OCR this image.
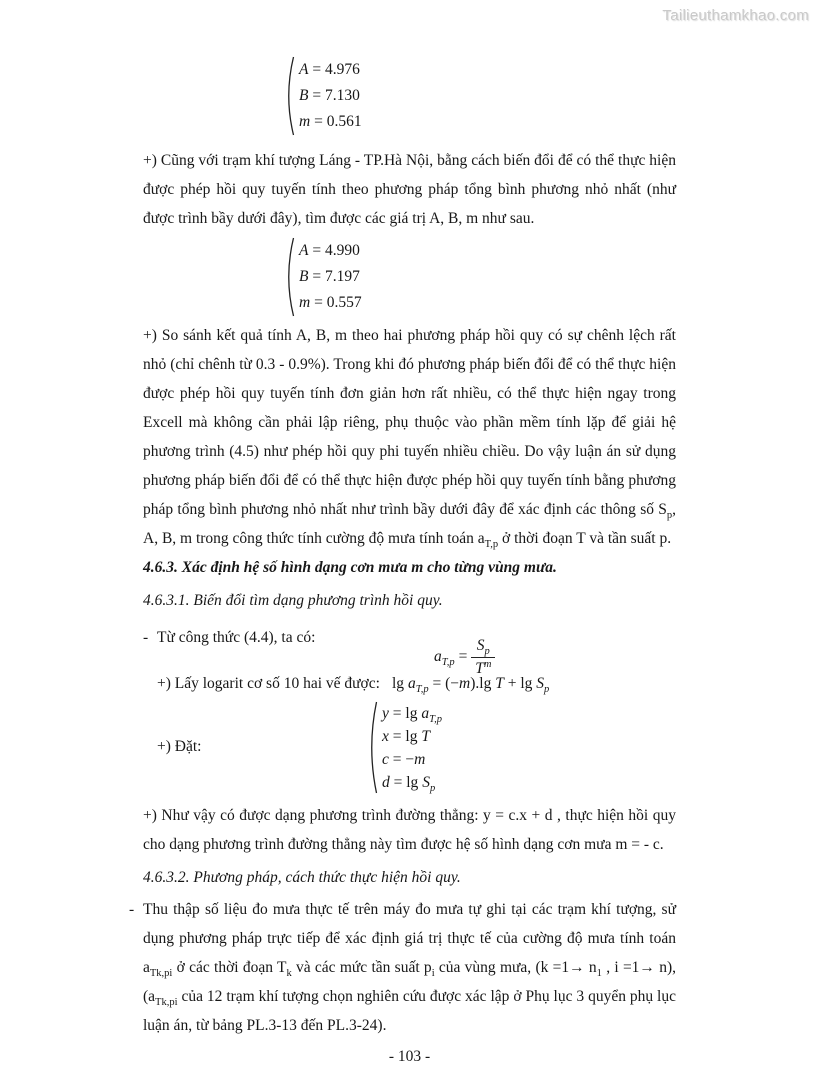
Tailieuthamkhao.com
A = 4.976
B = 7.130
m = 0.561

+) Cũng với trạm khí tượng Láng - TP.Hà Nội, bằng cách biến đổi để có thể thực hiện được phép hồi quy tuyến tính theo phương pháp tổng bình phương nhỏ nhất (như được trình bầy dưới đây), tìm được các giá trị A, B, m như sau.

A = 4.990
B = 7.197
m = 0.557

+) So sánh kết quả tính A, B, m theo hai phương pháp hồi quy có sự chênh lệch rất nhỏ (chỉ chênh từ 0.3 - 0.9%). Trong khi đó phương pháp biến đổi để có thể thực hiện được phép hồi quy tuyến tính đơn giản hơn rất nhiều, có thể thực hiện ngay trong Excell mà không cần phải lập riêng, phụ thuộc vào phần mềm tính lặp để giải hệ phương trình (4.5) như phép hồi quy phi tuyến nhiều chiều. Do vậy luận án sử dụng phương pháp biến đổi để có thể thực hiện được phép hồi quy tuyến tính bằng phương pháp tổng bình phương nhỏ nhất như trình bầy dưới đây để xác định các thông số $S_p$, A, B, m trong công thức tính cường độ mưa tính toán $a_{T,p}$ ở thời đoạn T và tần suất p.

4.6.3. Xác định hệ số hình dạng cơn mưa m cho từng vùng mưa.
4.6.3.1. Biến đổi tìm dạng phương trình hồi quy.
- Từ công thức (4.4), ta có:

$a_{T,p} = \frac{S_p}{T^m}$

+) Lấy logarit cơ số 10 hai vế được: $\lg a_{T,p} = (-m).\lg$ $T + \lg S_p$
+) Đặt:
$y = \lg a_{T,p}$
x = lg T
c = −m
$d = \lg S_p$

+) Như vậy có được dạng phương trình đường thẳng: y = c.x + d , thực hiện hồi quy cho dạng phương trình đường thẳng này tìm được hệ số hình dạng cơn mưa m = - c.

4.6.3.2. Phương pháp, cách thức thực hiện hồi quy.

- Thu thập số liệu đo mưa thực tế trên máy đo mưa tự ghi tại các trạm khí tượng, sử dụng phương pháp trực tiếp để xác định giá trị thực tế của cường độ mưa tính toán $a_{Tk,pi}$ ở các thời đoạn $T_k$ và các mức tần suất $p_i$ của vùng mưa, ($k =1\to n_1$ , i =1→ n), ($a_{Tk,pi}$ của 12 trạm khí tượng chọn nghiên cứu được xác lập ở Phụ lục 3 quyển phụ lục luận án, từ bảng PL.3-13 đến PL.3-24).

- 103 -
